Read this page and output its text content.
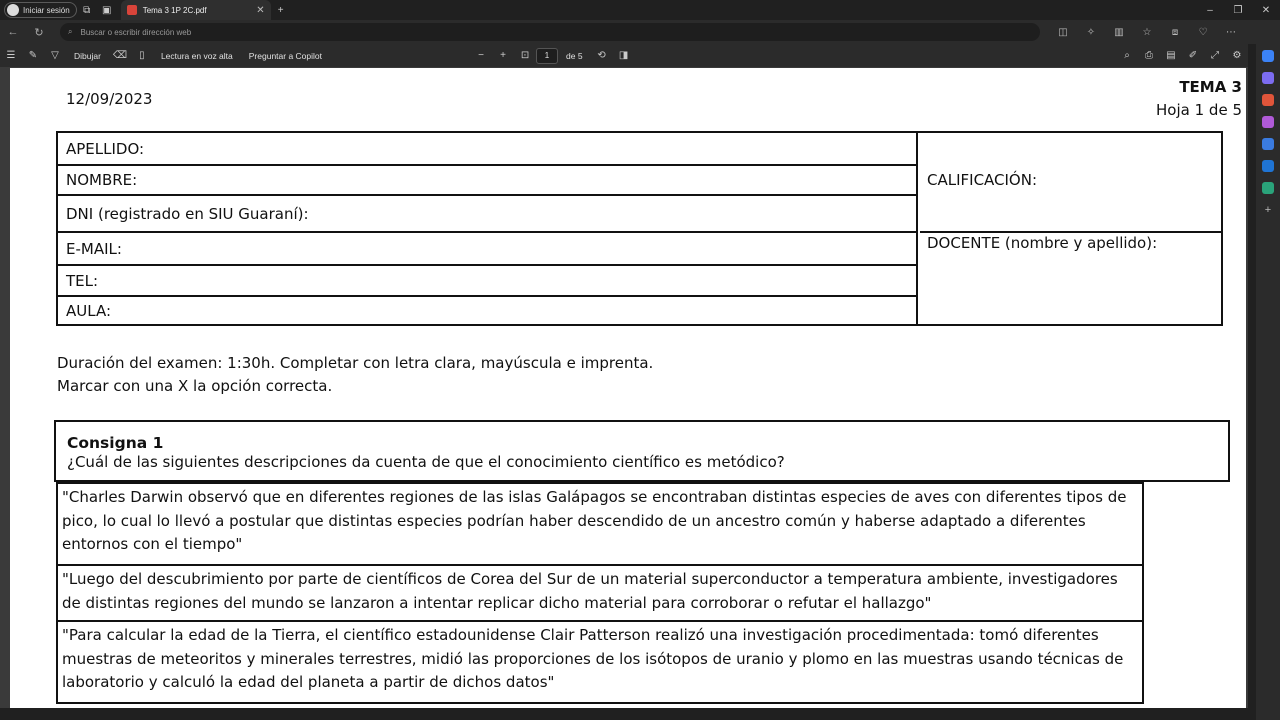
Iniciar sesión	⧉	▣	Tema 3 1P 2C.pdf	✕	+	–	❐	✕
←	↻	⌕ Buscar o escribir dirección web	◫	✧	▥	☆	⧈	♡	⋯
☰	✎	▽	Dibujar	⌫	▯	Lectura en voz alta	Preguntar a Copilot	−	+	⊡	1	de 5	⟲	◨	⌕	⎙	▤	✐	⤢	⚙
+
12/09/2023
TEMA 3
Hoja 1 de 5
APELLIDO:
NOMBRE:
DNI (registrado en SIU Guaraní):
E-MAIL:
TEL:
AULA:
CALIFICACIÓN:
DOCENTE (nombre y apellido):
Duración del examen: 1:30h. Completar con letra clara, mayúscula e imprenta.
Marcar con una X la opción correcta.
Consigna 1
¿Cuál de las siguientes descripciones da cuenta de que el conocimiento científico es metódico?
"Charles Darwin observó que en diferentes regiones de las islas Galápagos se encontraban distintas especies de aves con diferentes tipos de pico, lo cual lo llevó a postular que distintas especies podrían haber descendido de un ancestro común y haberse adaptado a diferentes entornos con el tiempo"
"Luego del descubrimiento por parte de científicos de Corea del Sur de un material superconductor a temperatura ambiente, investigadores de distintas regiones del mundo se lanzaron a intentar replicar dicho material para corroborar o refutar el hallazgo"
"Para calcular la edad de la Tierra, el científico estadounidense Clair Patterson realizó una investigación procedimentada: tomó diferentes muestras de meteoritos y minerales terrestres, midió las proporciones de los isótopos de uranio y plomo en las muestras usando técnicas de laboratorio y calculó la edad del planeta a partir de dichos datos"
